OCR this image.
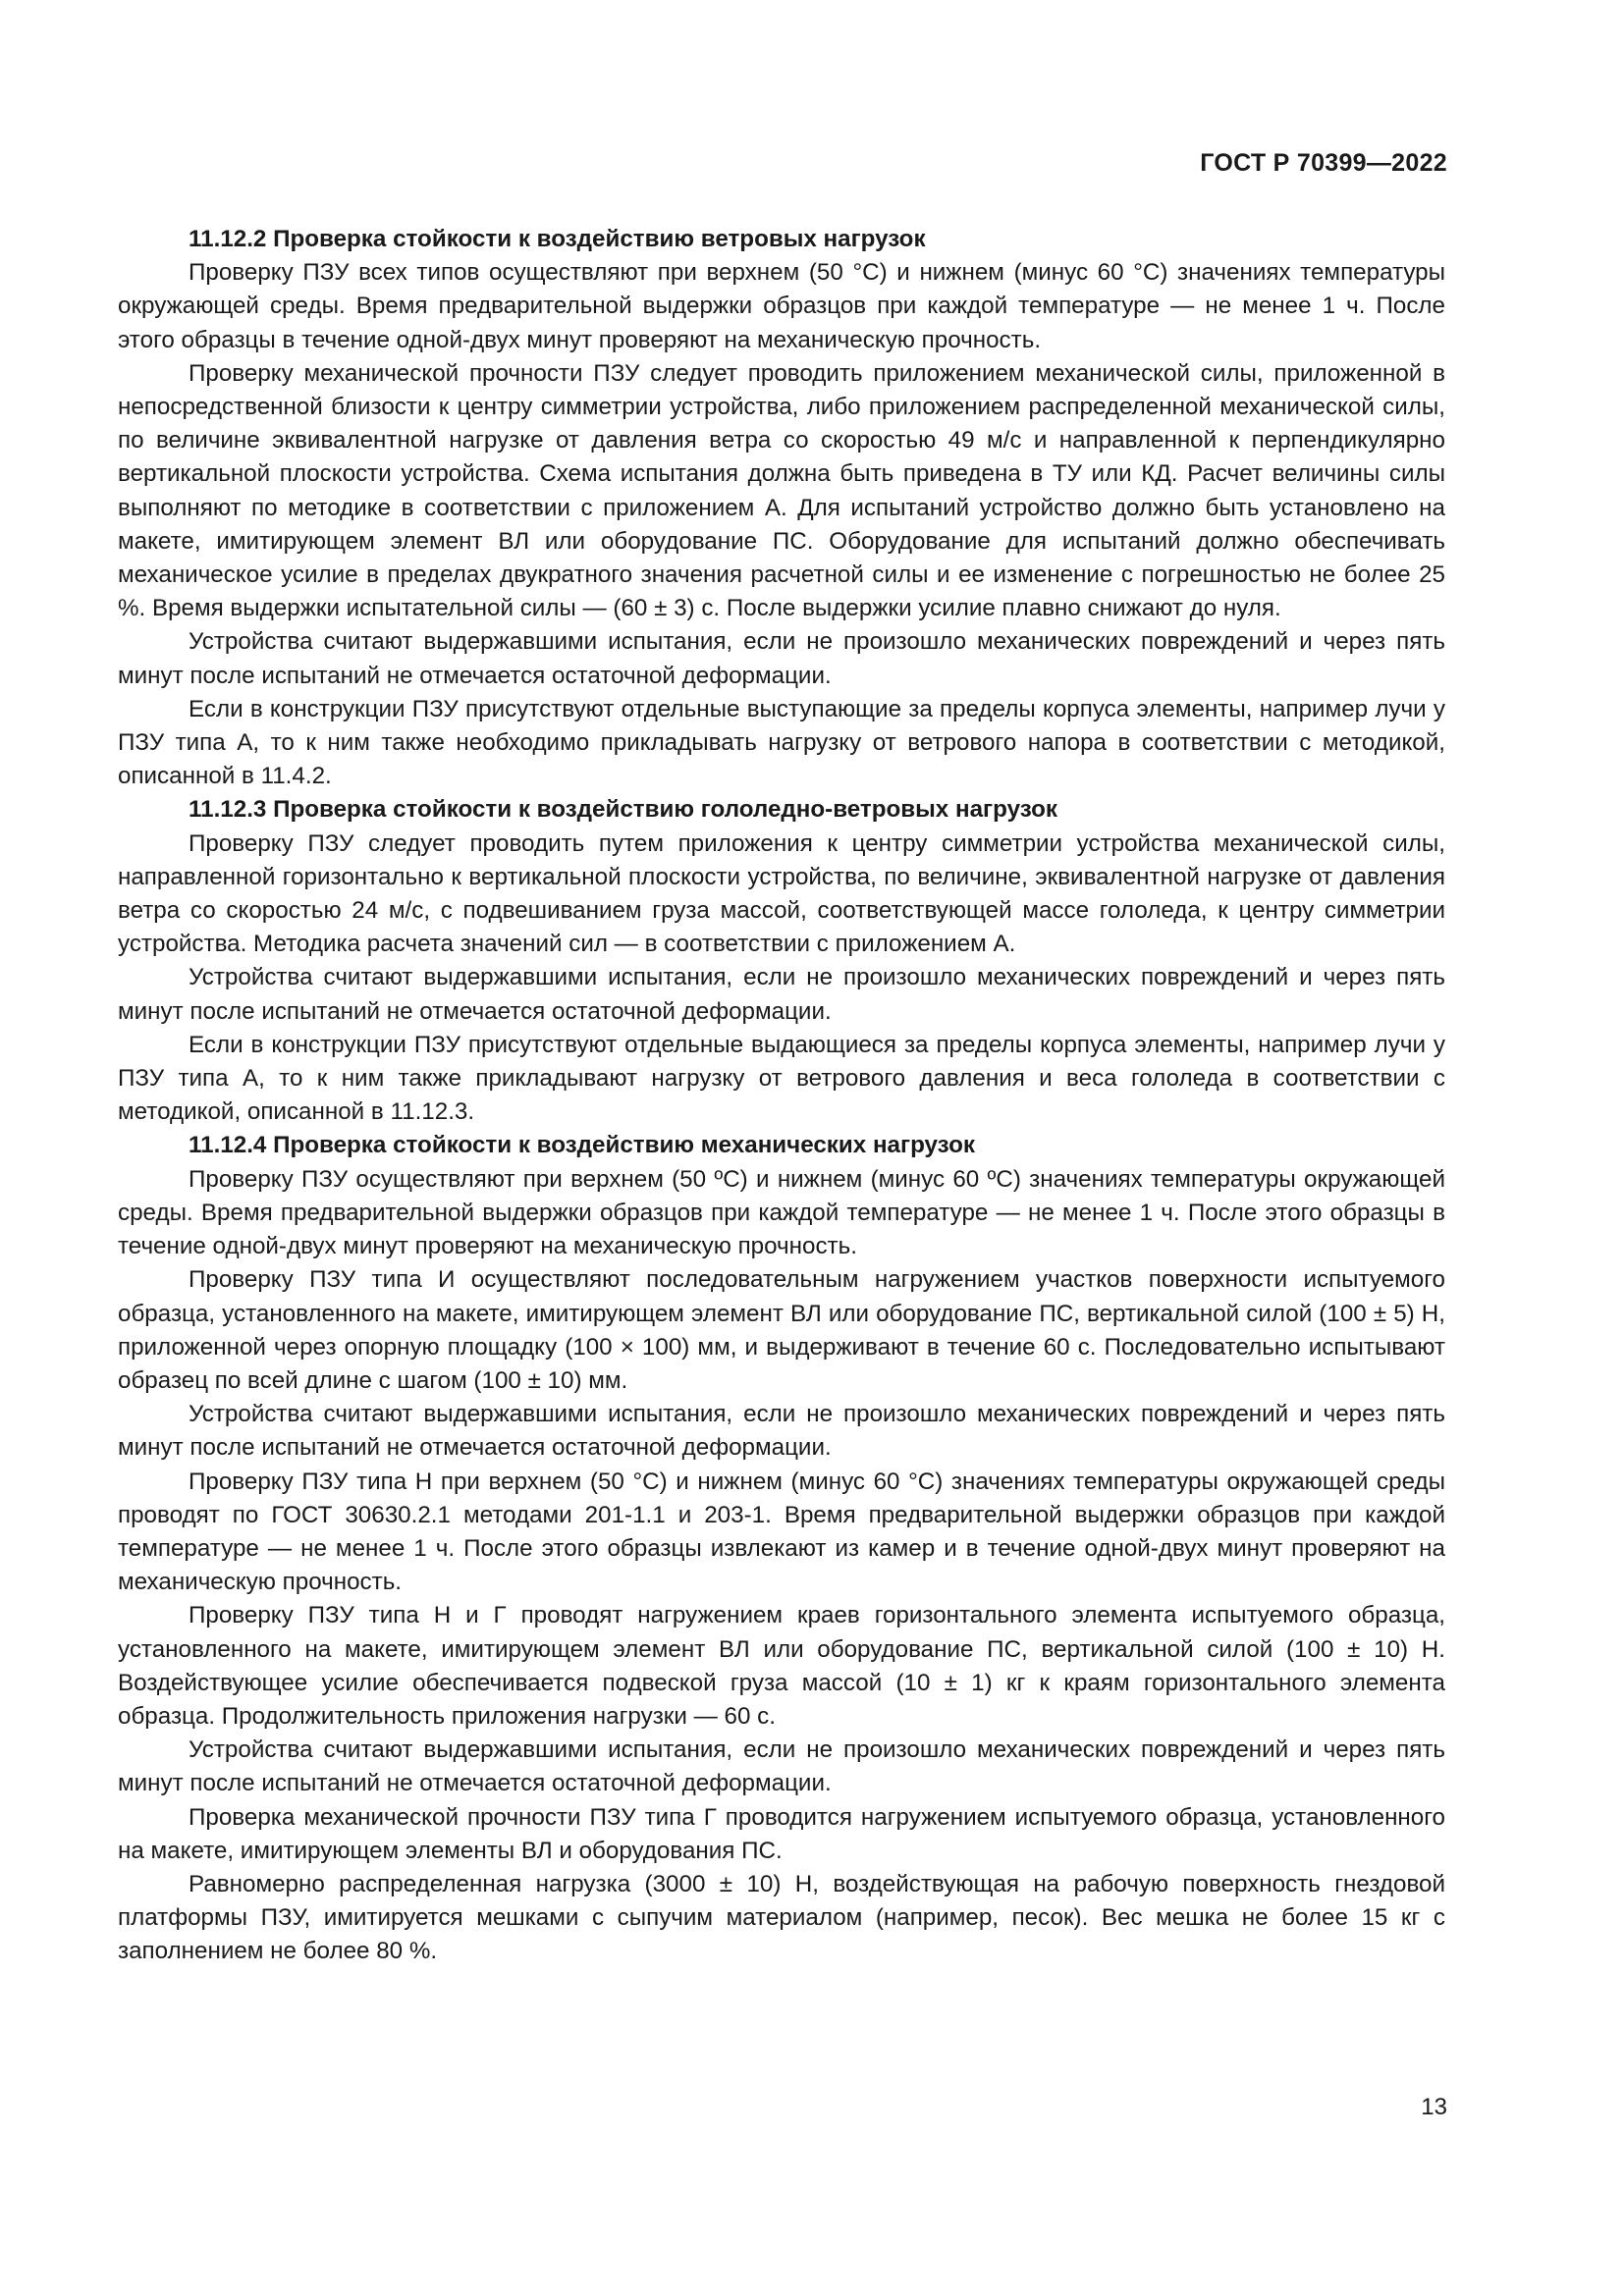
ГОСТ Р 70399—2022
11.12.2 Проверка стойкости к воздействию ветровых нагрузок

Проверку ПЗУ всех типов осуществляют при верхнем (50 °С) и нижнем (минус 60 °С) значениях температуры окружающей среды. Время предварительной выдержки образцов при каждой температуре — не менее 1 ч. После этого образцы в течение одной-двух минут проверяют на механическую прочность.

Проверку механической прочности ПЗУ следует проводить приложением механической силы, приложенной в непосредственной близости к центру симметрии устройства, либо приложением распределенной механической силы, по величине эквивалентной нагрузке от давления ветра со скоростью 49 м/с и направленной к перпендикулярно вертикальной плоскости устройства. Схема испытания должна быть приведена в ТУ или КД. Расчет величины силы выполняют по методике в соответствии с приложением А. Для испытаний устройство должно быть установлено на макете, имитирующем элемент ВЛ или оборудование ПС. Оборудование для испытаний должно обеспечивать механическое усилие в пределах двукратного значения расчетной силы и ее изменение с погрешностью не более 25 %. Время выдержки испытательной силы — (60 ± 3) с. После выдержки усилие плавно снижают до нуля.

Устройства считают выдержавшими испытания, если не произошло механических повреждений и через пять минут после испытаний не отмечается остаточной деформации.

Если в конструкции ПЗУ присутствуют отдельные выступающие за пределы корпуса элементы, например лучи у ПЗУ типа А, то к ним также необходимо прикладывать нагрузку от ветрового напора в соответствии с методикой, описанной в 11.4.2.

11.12.3 Проверка стойкости к воздействию гололедно-ветровых нагрузок

Проверку ПЗУ следует проводить путем приложения к центру симметрии устройства механической силы, направленной горизонтально к вертикальной плоскости устройства, по величине, эквивалентной нагрузке от давления ветра со скоростью 24 м/с, с подвешиванием груза массой, соответствующей массе гололеда, к центру симметрии устройства. Методика расчета значений сил — в соответствии с приложением А.

Устройства считают выдержавшими испытания, если не произошло механических повреждений и через пять минут после испытаний не отмечается остаточной деформации.

Если в конструкции ПЗУ присутствуют отдельные выдающиеся за пределы корпуса элементы, например лучи у ПЗУ типа А, то к ним также прикладывают нагрузку от ветрового давления и веса гололеда в соответствии с методикой, описанной в 11.12.3.

11.12.4 Проверка стойкости к воздействию механических нагрузок

Проверку ПЗУ осуществляют при верхнем (50 ºС) и нижнем (минус 60 ºС) значениях температуры окружающей среды. Время предварительной выдержки образцов при каждой температуре — не менее 1 ч. После этого образцы в течение одной-двух минут проверяют на механическую прочность.

Проверку ПЗУ типа И осуществляют последовательным нагружением участков поверхности испытуемого образца, установленного на макете, имитирующем элемент ВЛ или оборудование ПС, вертикальной силой (100 ± 5) Н, приложенной через опорную площадку (100 × 100) мм, и выдерживают в течение 60 с. Последовательно испытывают образец по всей длине с шагом (100 ± 10) мм.

Устройства считают выдержавшими испытания, если не произошло механических повреждений и через пять минут после испытаний не отмечается остаточной деформации.

Проверку ПЗУ типа Н при верхнем (50 °С) и нижнем (минус 60 °С) значениях температуры окружающей среды проводят по ГОСТ 30630.2.1 методами 201-1.1 и 203-1. Время предварительной выдержки образцов при каждой температуре — не менее 1 ч. После этого образцы извлекают из камер и в течение одной-двух минут проверяют на механическую прочность.

Проверку ПЗУ типа Н и Г проводят нагружением краев горизонтального элемента испытуемого образца, установленного на макете, имитирующем элемент ВЛ или оборудование ПС, вертикальной силой (100 ± 10) Н. Воздействующее усилие обеспечивается подвеской груза массой (10 ± 1) кг к краям горизонтального элемента образца. Продолжительность приложения нагрузки — 60 с.

Устройства считают выдержавшими испытания, если не произошло механических повреждений и через пять минут после испытаний не отмечается остаточной деформации.

Проверка механической прочности ПЗУ типа Г проводится нагружением испытуемого образца, установленного на макете, имитирующем элементы ВЛ и оборудования ПС.

Равномерно распределенная нагрузка (3000 ± 10) Н, воздействующая на рабочую поверхность гнездовой платформы ПЗУ, имитируется мешками с сыпучим материалом (например, песок). Вес мешка не более 15 кг с заполнением не более 80 %.

13
